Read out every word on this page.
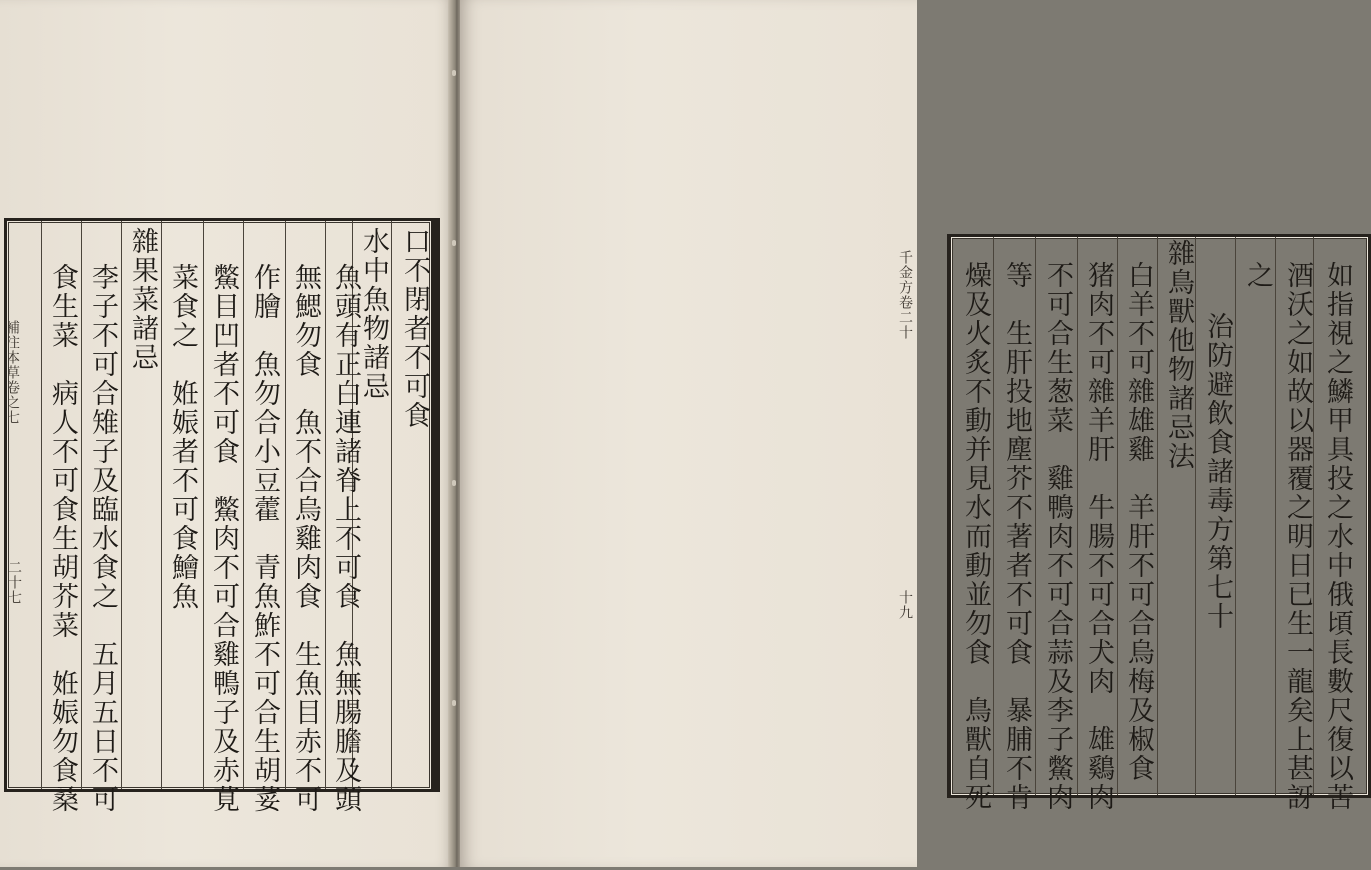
補注本草卷之七
二十七
口不閉者不可食
水中魚物諸忌
魚頭有正白連諸脊上不可食　魚無腸膽及頭
無鰓勿食　魚不合烏雞肉食　生魚目赤不可
作膾　魚勿合小豆藿　青魚鮓不可合生胡荽
鱉目凹者不可食　鱉肉不可合雞鴨子及赤莧
菜食之　姙娠者不可食鱠魚
雜果菜諸忌
李子不可合雉子及臨水食之　五月五日不可
食生菜　病人不可食生胡芥菜　姙娠勿食桑	千金方卷二十
十九	如指視之鱗甲具投之水中俄頃長數尺復以苦
酒沃之如故以器覆之明日已生一龍矣上甚訝
之
治防避飲食諸毒方第七十
雜鳥獸他物諸忌法
白羊不可雜雄雞　羊肝不可合烏梅及椒食
猪肉不可雜羊肝　牛腸不可合犬肉　雄鷄肉
不可合生葱菜　雞鴨肉不可合蒜及李子鱉肉
等　生肝投地塵芥不著者不可食　暴脯不肯
燥及火炙不動并見水而動並勿食　鳥獸自死
